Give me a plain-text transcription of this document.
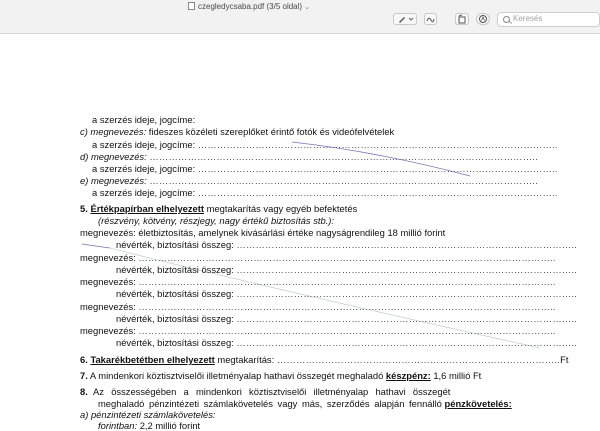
czegledycsaba.pdf (3/5 oldal) ⌄
Keresés
a szerzés ideje, jogcíme:
c) megnevezés: fideszes közéleti szereplőket érintő fotók és videófelvételek
a szerzés ideje, jogcíme: …………………………………………………………………………………………………..
d) megnevezés: …………………………………………………………………………………………………………..
a szerzés ideje, jogcíme: …………………………………………………………………………………………………..
e) megnevezés: …………………………………………………………………………………………………………..
a szerzés ideje, jogcíme: …………………………………………………………………………………………………..
5. Értékpapírban elhelyezett megtakarítás vagy egyéb befektetés
(részvény, kötvény, részjegy, nagy értékű biztosítás stb.):
megnevezés: életbiztosítás, amelynek kivásárlási értéke nagyságrendileg 18 millió forint
névérték, biztosítási összeg: ……………………………………………………………………………………………..
megnevezés: …………………………………………………………………………………………………………………..
névérték, biztosítási összeg: ……………………………………………………………………………………………..
megnevezés: …………………………………………………………………………………………………………………..
névérték, biztosítási összeg: ……………………………………………………………………………………………..
megnevezés: …………………………………………………………………………………………………………………..
névérték, biztosítási összeg: ……………………………………………………………………………………………..
megnevezés: …………………………………………………………………………………………………………………..
névérték, biztosítási összeg: ……………………………………………………………………………………………..
6. Takarékbetétben elhelyezett megtakarítás: ……………………………………………………………………………..Ft
7. A mindenkori köztisztviselői illetményalap hathavi összegét meghaladó készpénz: 1,6 millió Ft
8. Az összességében a mindenkori köztisztviselői illetményalap hathavi összegét
meghaladó pénzintézeti számlakövetelés vagy más, szerződés alapján fennálló pénzkövetelés:
a) pénzintézeti számlakövetelés:
forintban: 2,2 millió forint
